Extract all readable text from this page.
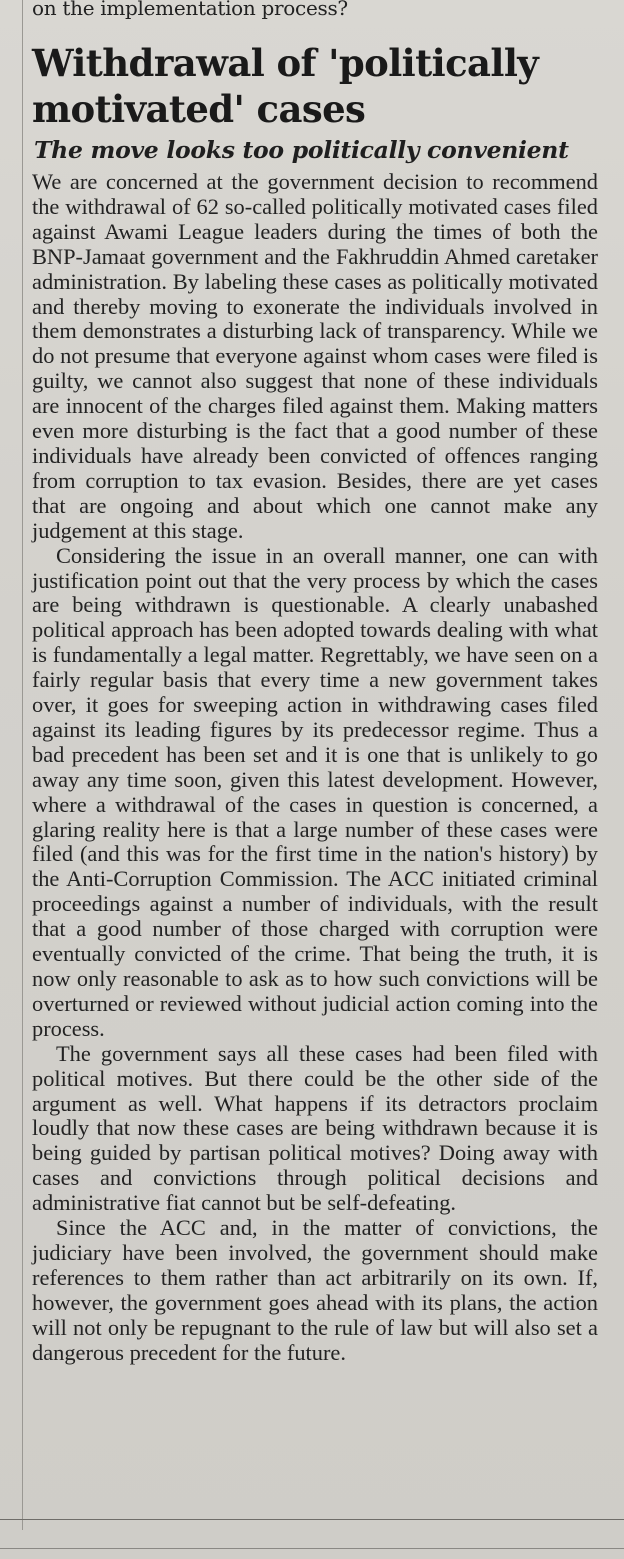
on the implementation process?
Withdrawal of 'politically motivated' cases
The move looks too politically convenient

We are concerned at the government decision to recommend the withdrawal of 62 so-called politically motivated cases filed against Awami League leaders during the times of both the BNP-Jamaat government and the Fakhruddin Ahmed caretaker administration. By labeling these cases as politically motivated and thereby moving to exonerate the individuals involved in them demonstrates a disturbing lack of transparency. While we do not presume that everyone against whom cases were filed is guilty, we cannot also suggest that none of these individuals are innocent of the charges filed against them. Making matters even more disturbing is the fact that a good number of these individuals have already been convicted of offences ranging from corruption to tax evasion. Besides, there are yet cases that are ongoing and about which one cannot make any judgement at this stage.

Considering the issue in an overall manner, one can with justification point out that the very process by which the cases are being withdrawn is questionable. A clearly unabashed political approach has been adopted towards dealing with what is fundamentally a legal matter. Regrettably, we have seen on a fairly regular basis that every time a new government takes over, it goes for sweeping action in withdrawing cases filed against its leading figures by its predecessor regime. Thus a bad precedent has been set and it is one that is unlikely to go away any time soon, given this latest development. However, where a withdrawal of the cases in question is concerned, a glaring reality here is that a large number of these cases were filed (and this was for the first time in the nation's history) by the Anti-Corruption Commission. The ACC initiated criminal proceedings against a number of individuals, with the result that a good number of those charged with corruption were eventually convicted of the crime. That being the truth, it is now only reasonable to ask as to how such convictions will be overturned or reviewed without judicial action coming into the process.

The government says all these cases had been filed with political motives. But there could be the other side of the argument as well. What happens if its detractors proclaim loudly that now these cases are being withdrawn because it is being guided by partisan political motives? Doing away with cases and convictions through political decisions and administrative fiat cannot but be self-defeating.

Since the ACC and, in the matter of convictions, the judiciary have been involved, the government should make references to them rather than act arbitrarily on its own. If, however, the government goes ahead with its plans, the action will not only be repugnant to the rule of law but will also set a dangerous precedent for the future.
